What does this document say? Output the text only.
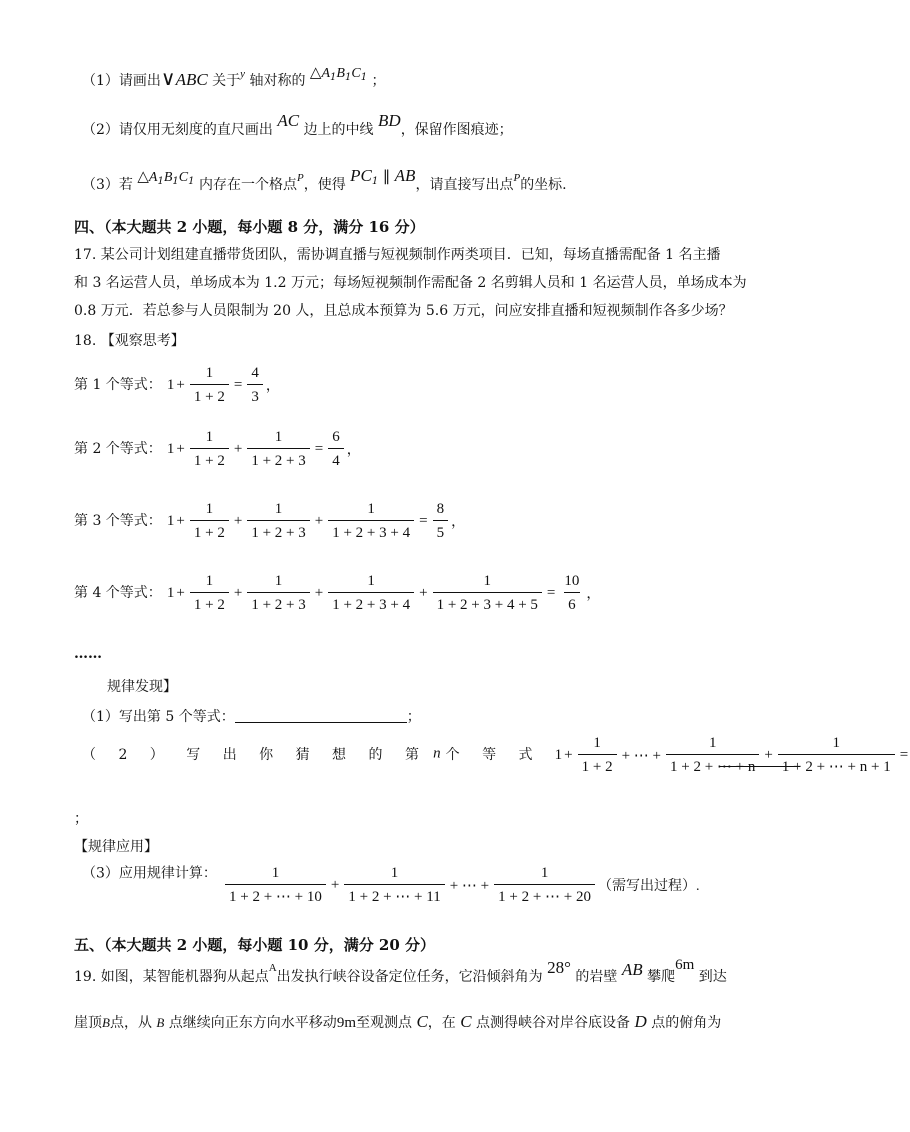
（1）请画出∨ABC 关于$^y$ 轴对称的 $\triangle A_1B_1C_1$ ；
（2）请仅用无刻度的直尺画出 AC 边上的中线 BD，保留作图痕迹；
（3）若 $\triangle A_1B_1C_1$ 内存在一个格点$^P$，使得 $PC_1$ ∥ AB，请直接写出点$^P$的坐标.
四、（本大题共 2 小题，每小题 8 分，满分 16 分）
17. 某公司计划组建直播带货团队，需协调直播与短视频制作两类项目．已知，每场直播需配备 1 名主播
和 3 名运营人员，单场成本为 1.2 万元；每场短视频制作需配备 2 名剪辑人员和 1 名运营人员，单场成本为
0.8 万元．若总参与人员限制为 20 人，且总成本预算为 5.6 万元，问应安排直播和短视频制作各多少场？
18. 【观察思考】
第 1 个等式： $1 + \frac{1}{1 + 2} = \frac{4}{3}$ ，
第 2 个等式： $1 + \frac{1}{1 + 2} + \frac{1}{1 + 2 + 3} = \frac{6}{4}$ ，
第 3 个等式： $1 + \frac{1}{1 + 2} + \frac{1}{1 + 2 + 3} + \frac{1}{1 + 2 + 3 + 4} = \frac{8}{5}$ ，
第 4 个等式： $1 + \frac{1}{1 + 2} + \frac{1}{1 + 2 + 3} + \frac{1}{1 + 2 + 3 + 4} + \frac{1}{1 + 2 + 3 + 4 + 5} = \frac{10}{6}$ ，
……
规律发现】
（1）写出第 5 个等式：	；
（ 2 ） 写 出 你 猜 想 的 第 n 个 等 式 $1 + \frac{1}{1 + 2}$ + ⋯ + $\frac{1}{1 + 2 + \cdots + n} + \frac{1}{1 + 2 + \cdots + n + 1}$ =
；
【规律应用】
（3）应用规律计算： $\frac{1}{1 + 2 + \cdots + 10} + \frac{1}{1 + 2 + \cdots + 11}$ + ⋯ + $\frac{1}{1 + 2 + \cdots + 20}$ （需写出过程）.
五、（本大题共 2 小题，每小题 10 分，满分 20 分）
19. 如图，某智能机器狗从起点$^A$出发执行峡谷设备定位任务，它沿倾斜角为 28° 的岩壁 AB 攀爬6m 到达
崖顶B点，从 B 点继续向正东方向水平移动9m至观测点 C，在 C 点测得峡谷对岸谷底设备 D 点的俯角为
